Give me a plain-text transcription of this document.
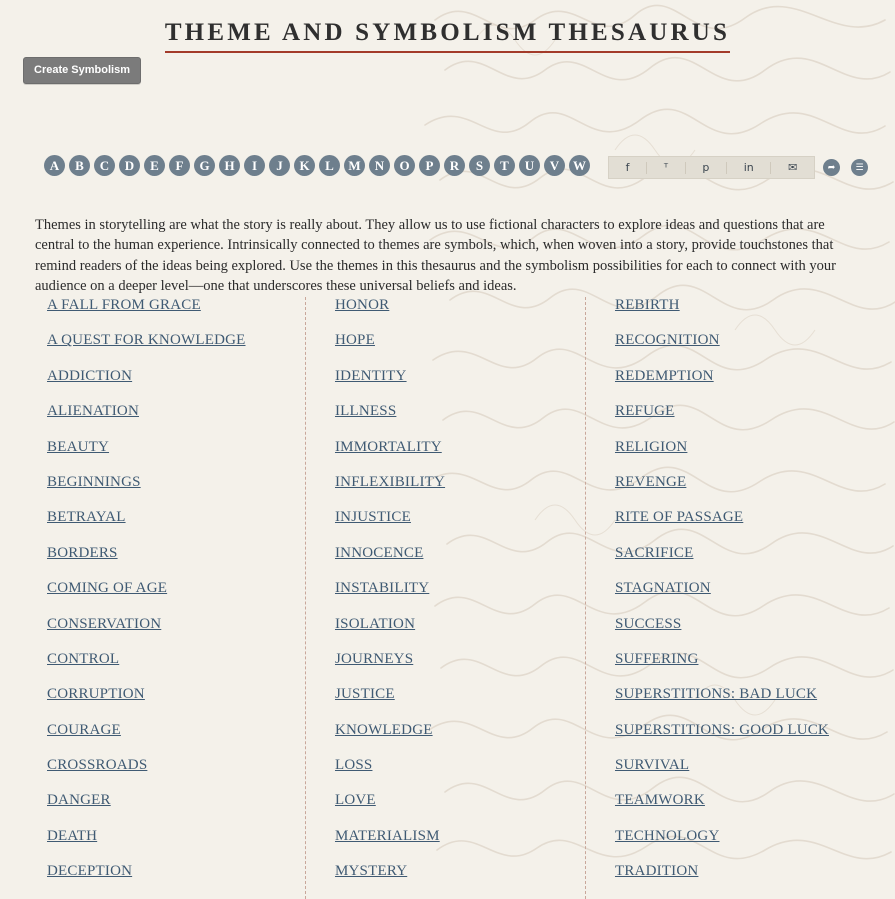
THEME AND SYMBOLISM THESAURUS
Create Symbolism
A	B	C	D	E	F	G	H	I	J	K	L	M	N	O	P	R	S	T	U	V	W	f	ᵀ	p	in	✉	➦	☰

Themes in storytelling are what the story is really about. They allow us to use fictional characters to explore ideas and questions that are central to the human experience. Intrinsically connected to themes are symbols, which, when woven into a story, provide touchstones that remind readers of the ideas being explored. Use the themes in this thesaurus and the symbolism possibilities for each to connect with your audience on a deeper level—one that underscores these universal beliefs and ideas.

A FALL FROM GRACE
A QUEST FOR KNOWLEDGE
ADDICTION
ALIENATION
BEAUTY
BEGINNINGS
BETRAYAL
BORDERS
COMING OF AGE
CONSERVATION
CONTROL
CORRUPTION
COURAGE
CROSSROADS
DANGER
DEATH
DECEPTION
HONOR
HOPE
IDENTITY
ILLNESS
IMMORTALITY
INFLEXIBILITY
INJUSTICE
INNOCENCE
INSTABILITY
ISOLATION
JOURNEYS
JUSTICE
KNOWLEDGE
LOSS
LOVE
MATERIALISM
MYSTERY
REBIRTH
RECOGNITION
REDEMPTION
REFUGE
RELIGION
REVENGE
RITE OF PASSAGE
SACRIFICE
STAGNATION
SUCCESS
SUFFERING
SUPERSTITIONS: BAD LUCK
SUPERSTITIONS: GOOD LUCK
SURVIVAL
TEAMWORK
TECHNOLOGY
TRADITION
